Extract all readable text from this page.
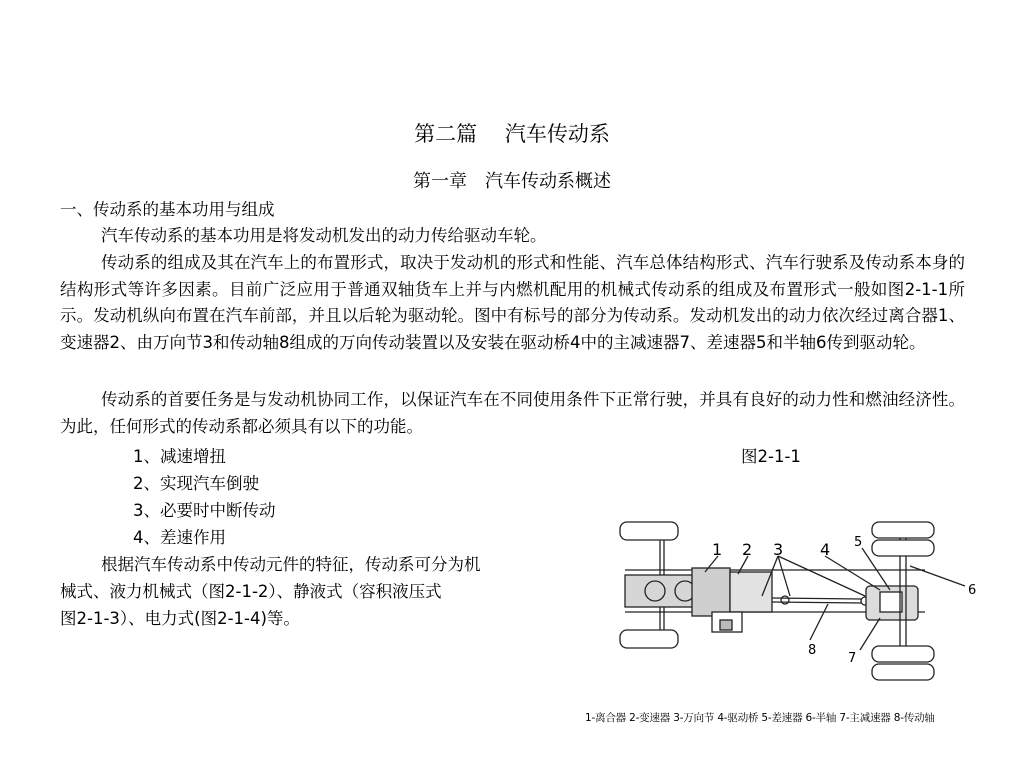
第二篇　 汽车传动系
第一章　汽车传动系概述
一、传动系的基本功用与组成
汽车传动系的基本功用是将发动机发出的动力传给驱动车轮。
传动系的组成及其在汽车上的布置形式，取决于发动机的形式和性能、汽车总体结构形式、汽车行驶系及传动系本身的结构形式等许多因素。目前广泛应用于普通双轴货车上并与内燃机配用的机械式传动系的组成及布置形式一般如图2-1-1所示。发动机纵向布置在汽车前部，并且以后轮为驱动轮。图中有标号的部分为传动系。发动机发出的动力依次经过离合器1、变速器2、由万向节3和传动轴8组成的万向传动装置以及安装在驱动桥4中的主减速器7、差速器5和半轴6传到驱动轮。
传动系的首要任务是与发动机协同工作，以保证汽车在不同使用条件下正常行驶，并具有良好的动力性和燃油经济性。为此，任何形式的传动系都必须具有以下的功能。
1、减速增扭
2、实现汽车倒驶
3、必要时中断传动
4、差速作用
图2-1-1
根据汽车传动系中传动元件的特征，传动系可分为机
械式、液力机械式（图2-1-2）、静液式（容积液压式
图2-1-3）、电力式(图2-1-4)等。
1 2 3 4 5
6
7
8
1-离合器 2-变速器 3-万向节 4-驱动桥 5-差速器 6-半轴 7-主减速器 8-传动轴
